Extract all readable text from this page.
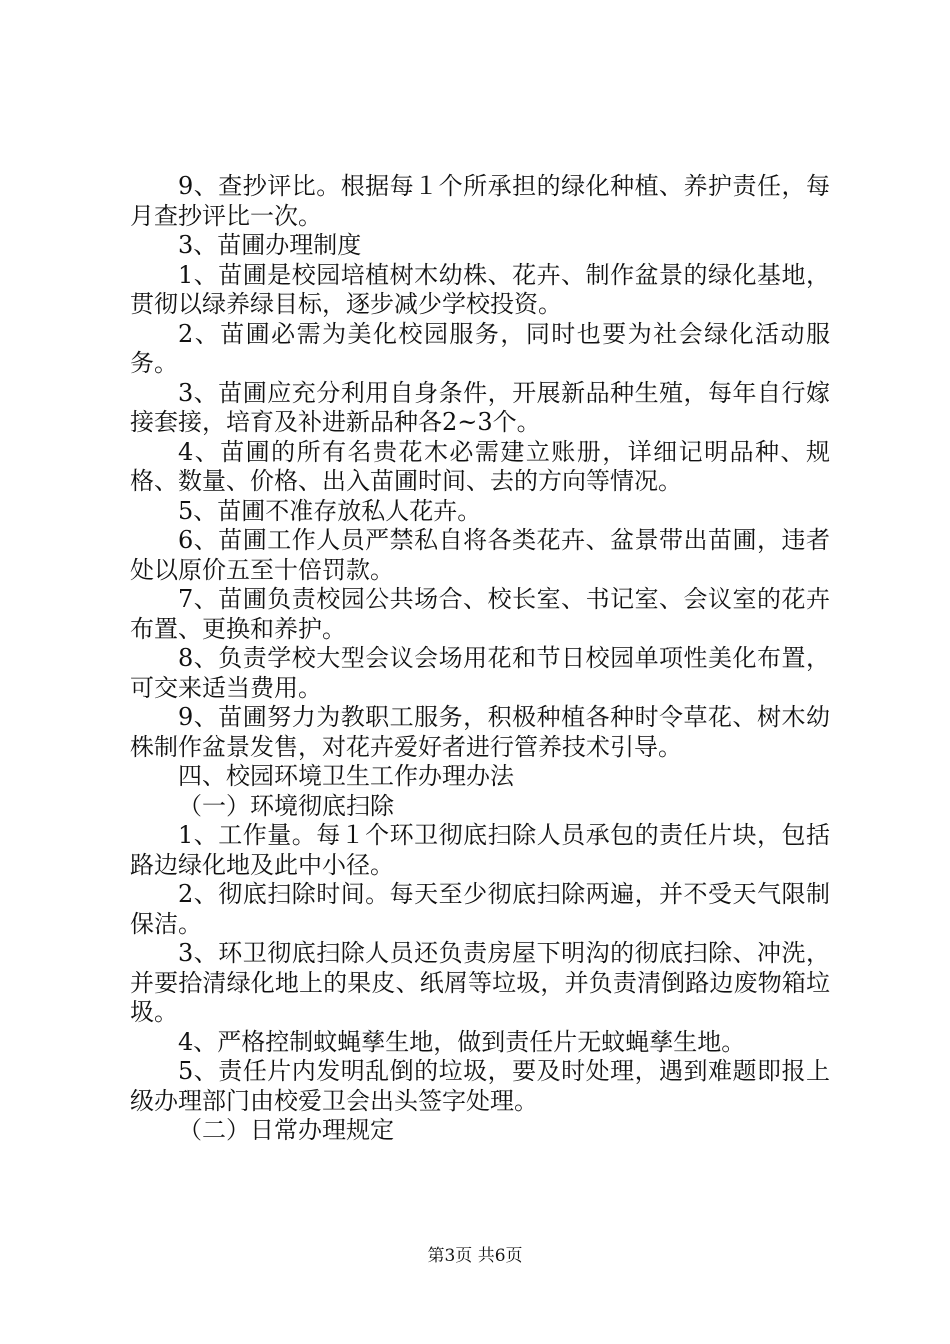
9、查抄评比。根据每１个所承担的绿化种植、养护责任，每月查抄评比一次。

3、苗圃办理制度

1、苗圃是校园培植树木幼株、花卉、制作盆景的绿化基地，贯彻以绿养绿目标，逐步减少学校投资。

2、苗圃必需为美化校园服务，同时也要为社会绿化活动服务。

3、苗圃应充分利用自身条件，开展新品种生殖，每年自行嫁接套接，培育及补进新品种各2~3个。

4、苗圃的所有名贵花木必需建立账册，详细记明品种、规格、数量、价格、出入苗圃时间、去的方向等情况。

5、苗圃不准存放私人花卉。

6、苗圃工作人员严禁私自将各类花卉、盆景带出苗圃，违者处以原价五至十倍罚款。

7、苗圃负责校园公共场合、校长室、书记室、会议室的花卉布置、更换和养护。

8、负责学校大型会议会场用花和节日校园单项性美化布置，可交来适当费用。

9、苗圃努力为教职工服务，积极种植各种时令草花、树木幼株制作盆景发售，对花卉爱好者进行管养技术引导。

四、校园环境卫生工作办理办法

（一）环境彻底扫除

1、工作量。每１个环卫彻底扫除人员承包的责任片块，包括路边绿化地及此中小径。

2、彻底扫除时间。每天至少彻底扫除两遍，并不受天气限制保洁。

3、环卫彻底扫除人员还负责房屋下明沟的彻底扫除、冲洗，并要拾清绿化地上的果皮、纸屑等垃圾，并负责清倒路边废物箱垃圾。

4、严格控制蚊蝇孳生地，做到责任片无蚊蝇孳生地。

5、责任片内发明乱倒的垃圾，要及时处理，遇到难题即报上级办理部门由校爱卫会出头签字处理。

（二）日常办理规定

第3页 共6页
